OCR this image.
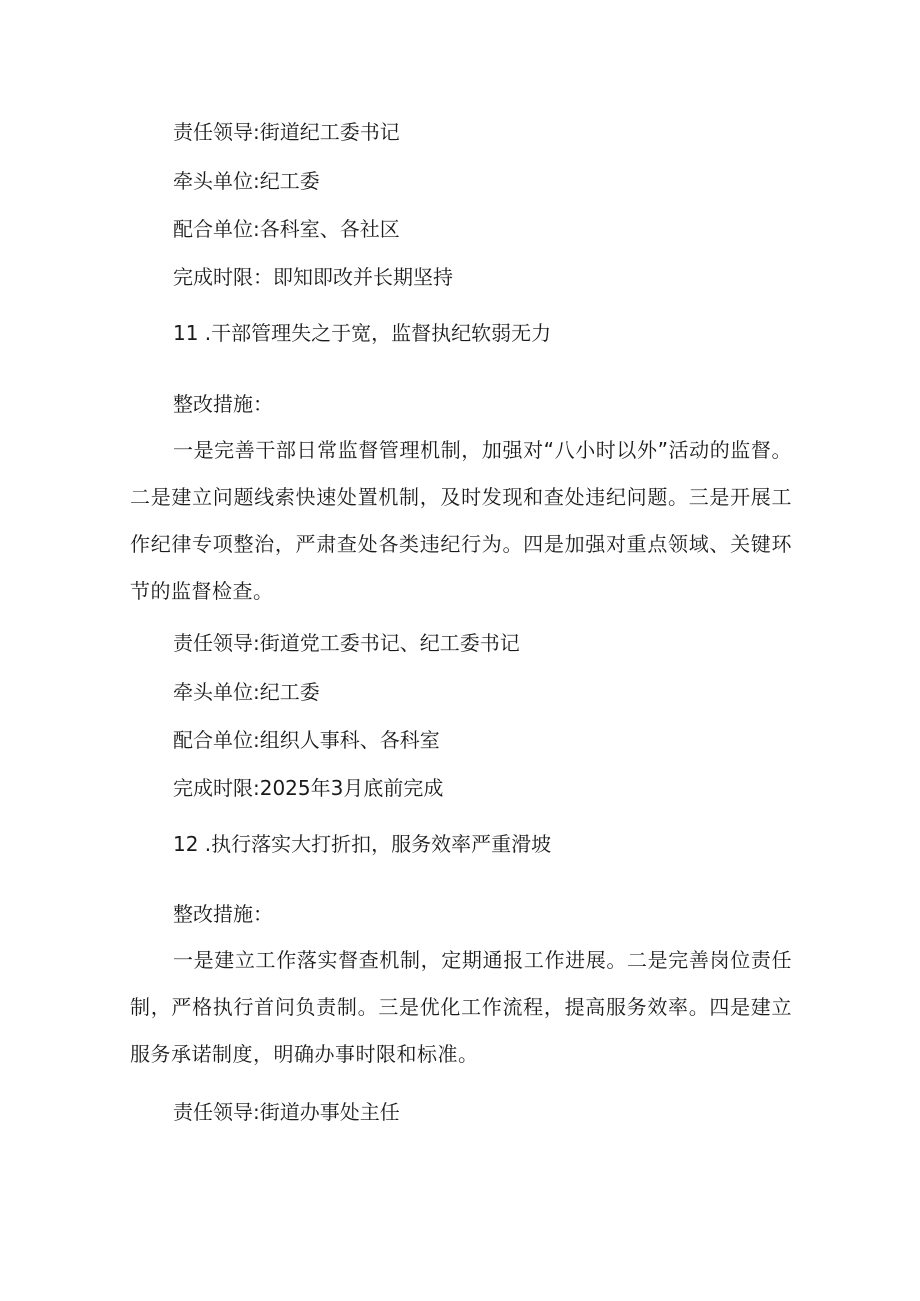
责任领导:街道纪工委书记
牵头单位:纪工委
配合单位:各科室、各社区
完成时限：即知即改并长期坚持
11 .干部管理失之于宽，监督执纪软弱无力
整改措施：
一是完善干部日常监督管理机制，加强对“八小时以外”活动的监督。二是建立问题线索快速处置机制，及时发现和查处违纪问题。三是开展工作纪律专项整治，严肃查处各类违纪行为。四是加强对重点领域、关键环节的监督检查。
责任领导:街道党工委书记、纪工委书记
牵头单位:纪工委
配合单位:组织人事科、各科室
完成时限:2025年3月底前完成
12 .执行落实大打折扣，服务效率严重滑坡
整改措施：
一是建立工作落实督查机制，定期通报工作进展。二是完善岗位责任制，严格执行首问负责制。三是优化工作流程，提高服务效率。四是建立服务承诺制度，明确办事时限和标准。
责任领导:街道办事处主任
